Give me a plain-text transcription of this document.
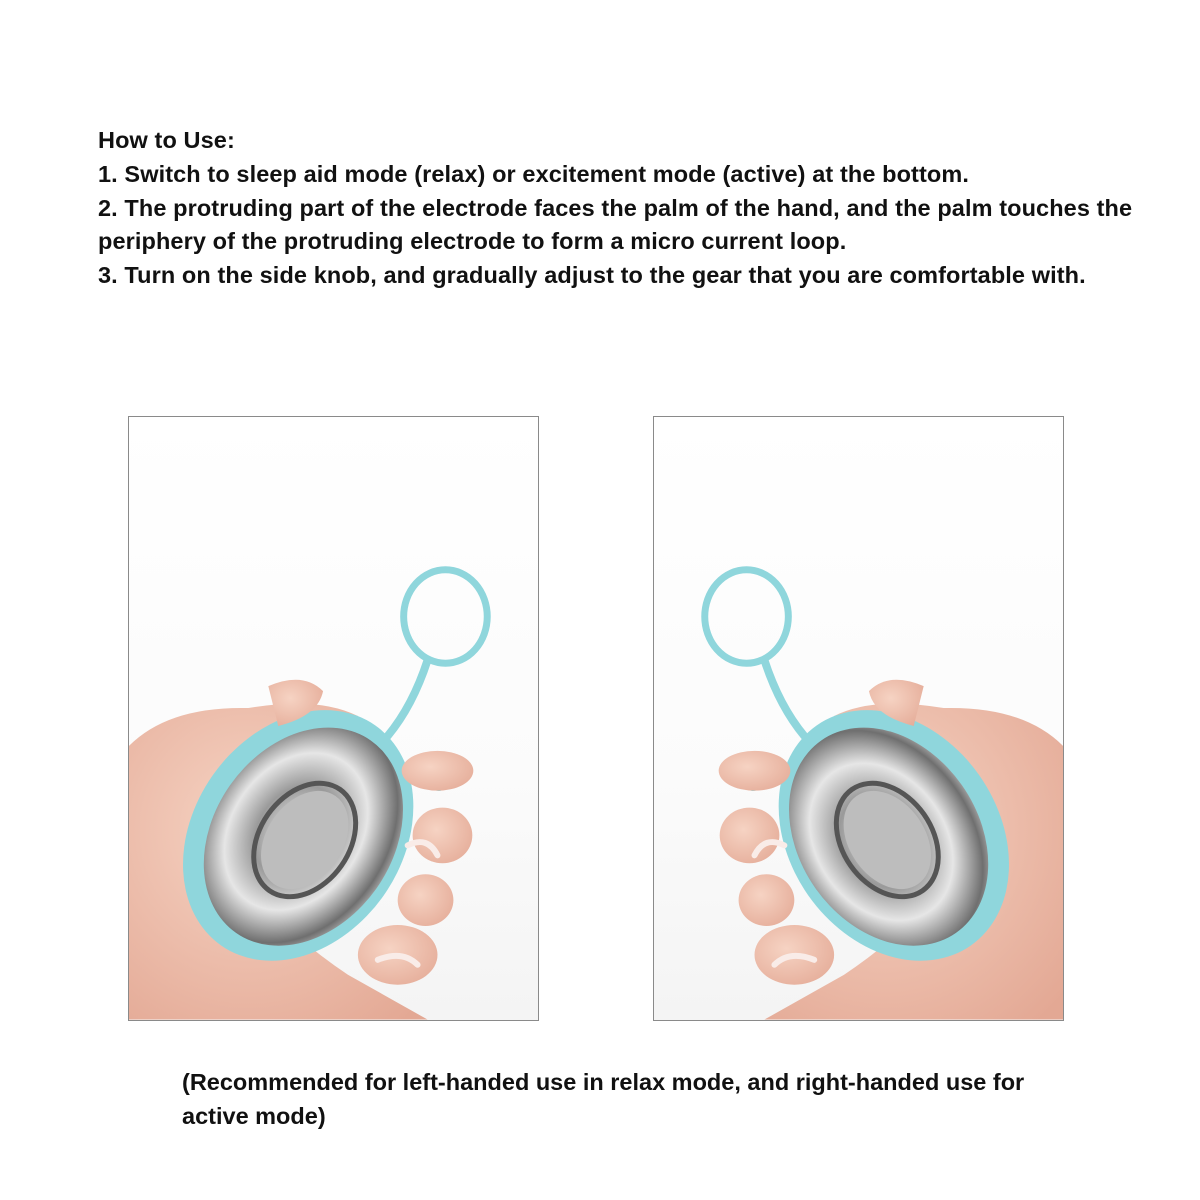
How to Use:
1. Switch to sleep aid mode (relax) or excitement mode (active) at the bottom.
2. The protruding part of the electrode faces the palm of the hand, and the palm touches the periphery of the protruding electrode to form a micro current loop.
3. Turn on the side knob, and gradually adjust to the gear that you are comfortable with.
(Recommended for left-handed use in relax mode, and right-handed use for active mode)
